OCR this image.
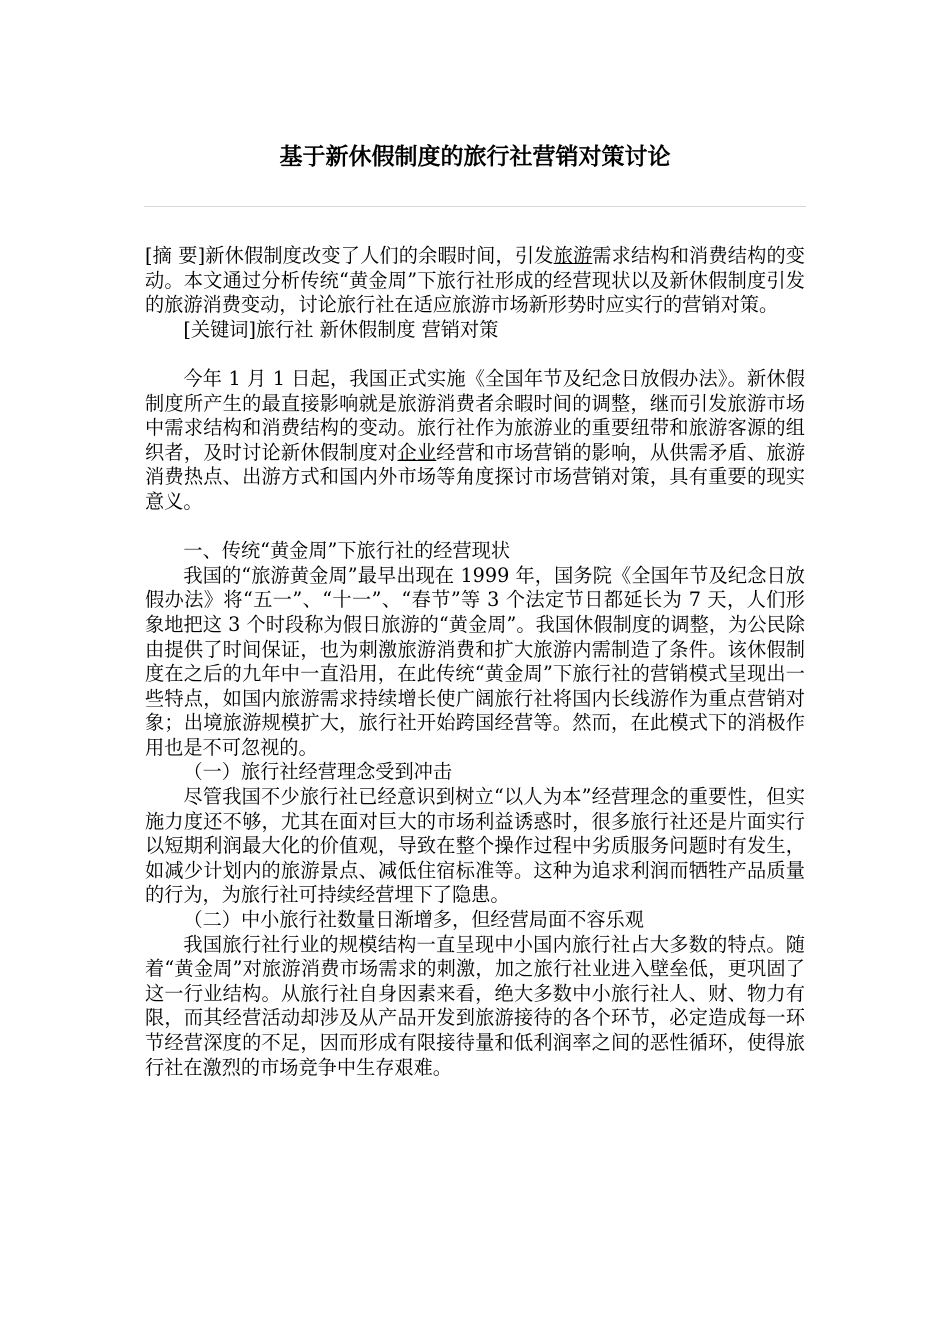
基于新休假制度的旅行社营销对策讨论

[摘 要]新休假制度改变了人们的余暇时间，引发旅游需求结构和消费结构的变动。本文通过分析传统“黄金周”下旅行社形成的经营现状以及新休假制度引发的旅游消费变动，讨论旅行社在适应旅游市场新形势时应实行的营销对策。

[关键词]旅行社 新休假制度 营销对策

今年 1 月 1 日起，我国正式实施《全国年节及纪念日放假办法》。新休假制度所产生的最直接影响就是旅游消费者余暇时间的调整，继而引发旅游市场中需求结构和消费结构的变动。旅行社作为旅游业的重要纽带和旅游客源的组织者，及时讨论新休假制度对企业经营和市场营销的影响，从供需矛盾、旅游消费热点、出游方式和国内外市场等角度探讨市场营销对策，具有重要的现实意义。

一、传统“黄金周”下旅行社的经营现状

我国的“旅游黄金周”最早出现在 1999 年，国务院《全国年节及纪念日放假办法》将“五一”、“十一”、“春节”等 3 个法定节日都延长为 7 天，人们形象地把这 3 个时段称为假日旅游的“黄金周”。我国休假制度的调整，为公民除由提供了时间保证，也为刺激旅游消费和扩大旅游内需制造了条件。该休假制度在之后的九年中一直沿用，在此传统“黄金周”下旅行社的营销模式呈现出一些特点，如国内旅游需求持续增长使广阔旅行社将国内长线游作为重点营销对象；出境旅游规模扩大，旅行社开始跨国经营等。然而，在此模式下的消极作用也是不可忽视的。

（一）旅行社经营理念受到冲击

尽管我国不少旅行社已经意识到树立“以人为本”经营理念的重要性，但实施力度还不够，尤其在面对巨大的市场利益诱惑时，很多旅行社还是片面实行以短期利润最大化的价值观，导致在整个操作过程中劣质服务问题时有发生，如减少计划内的旅游景点、减低住宿标准等。这种为追求利润而牺牲产品质量的行为，为旅行社可持续经营埋下了隐患。

（二）中小旅行社数量日渐增多，但经营局面不容乐观

我国旅行社行业的规模结构一直呈现中小国内旅行社占大多数的特点。随着“黄金周”对旅游消费市场需求的刺激，加之旅行社业进入壁垒低，更巩固了这一行业结构。从旅行社自身因素来看，绝大多数中小旅行社人、财、物力有限，而其经营活动却涉及从产品开发到旅游接待的各个环节，必定造成每一环节经营深度的不足，因而形成有限接待量和低利润率之间的恶性循环，使得旅行社在激烈的市场竞争中生存艰难。
